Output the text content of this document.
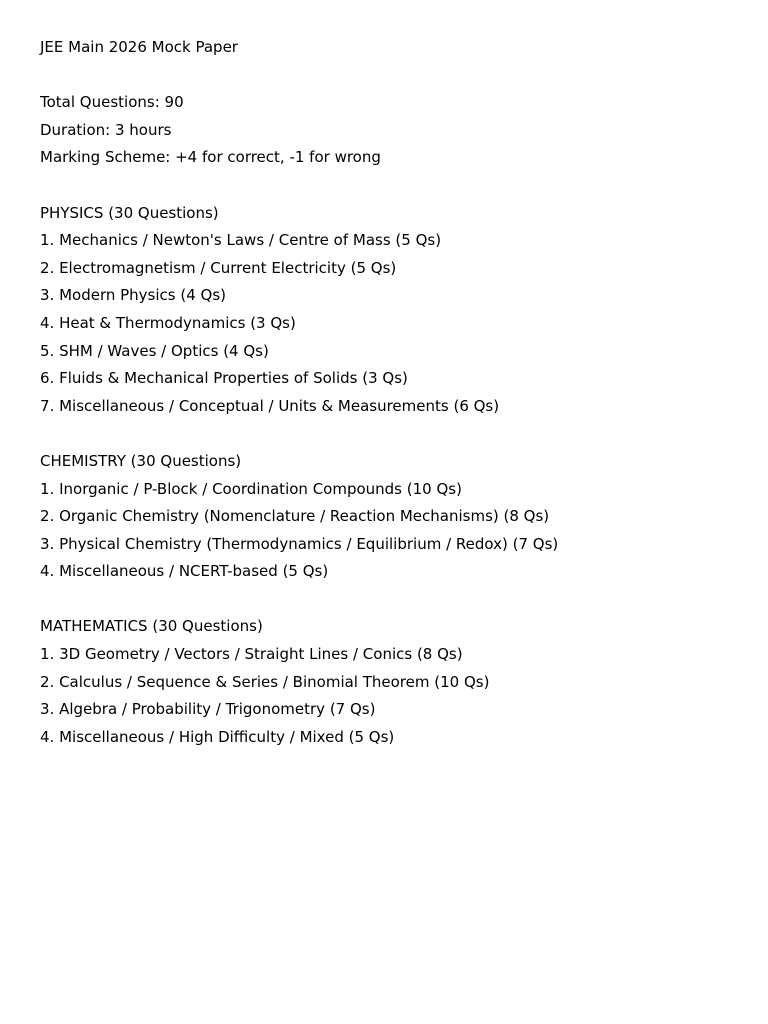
JEE Main 2026 Mock Paper
Total Questions: 90
Duration: 3 hours
Marking Scheme: +4 for correct, -1 for wrong
PHYSICS (30 Questions)
1. Mechanics / Newton's Laws / Centre of Mass (5 Qs)
2. Electromagnetism / Current Electricity (5 Qs)
3. Modern Physics (4 Qs)
4. Heat & Thermodynamics (3 Qs)
5. SHM / Waves / Optics (4 Qs)
6. Fluids & Mechanical Properties of Solids (3 Qs)
7. Miscellaneous / Conceptual / Units & Measurements (6 Qs)
CHEMISTRY (30 Questions)
1. Inorganic / P-Block / Coordination Compounds (10 Qs)
2. Organic Chemistry (Nomenclature / Reaction Mechanisms) (8 Qs)
3. Physical Chemistry (Thermodynamics / Equilibrium / Redox) (7 Qs)
4. Miscellaneous / NCERT-based (5 Qs)
MATHEMATICS (30 Questions)
1. 3D Geometry / Vectors / Straight Lines / Conics (8 Qs)
2. Calculus / Sequence & Series / Binomial Theorem (10 Qs)
3. Algebra / Probability / Trigonometry (7 Qs)
4. Miscellaneous / High Difficulty / Mixed (5 Qs)
